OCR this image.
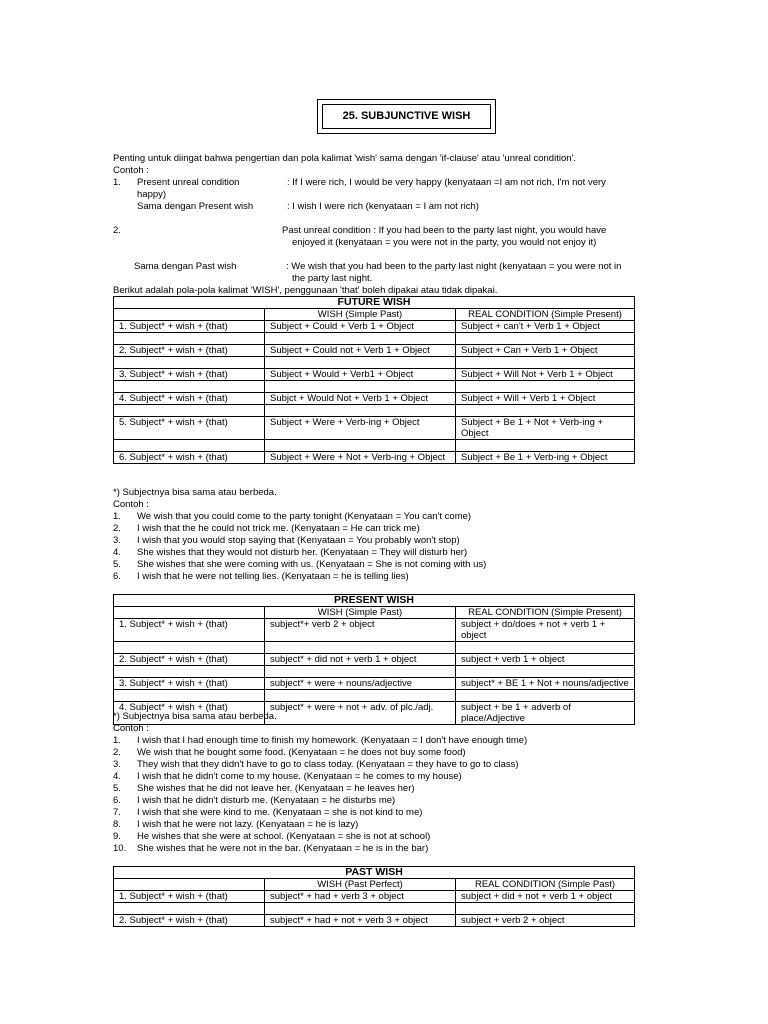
25. SUBJUNCTIVE WISH
Penting untuk diingat bahwa pengertian dan pola kalimat 'wish' sama dengan 'if-clause' atau 'unreal condition'.
Contoh :
1. Present unreal condition	: If I were rich, I would be very happy (kenyataan =I am not rich, I'm not very
happy)
Sama dengan Present wish	: I wish I were rich (kenyataan = I am not rich)
2.	Past unreal condition : If you had been to the party last night, you would have
enjoyed it (kenyataan = you were not in the party, you would not enjoy it)
Sama dengan Past wish	: We wish that you had been to the party last night (kenyataan = you were not in
the party last night.
Berikut adalah pola-pola kalimat 'WISH', penggunaan 'that' boleh dipakai atau tidak dipakai.
FUTURE WISH		
	WISH (Simple Past)	REAL CONDITION (Simple Present)
1. Subject* + wish + (that)	Subject + Could + Verb 1 + Object	Subject + can't + Verb 1 + Object

2. Subject* + wish + (that)	Subject + Could not + Verb 1 + Object	Subject + Can + Verb 1 + Object

3. Subject* + wish + (that)	Subject + Would + Verb1 + Object	Subject + Will Not + Verb 1 + Object

4. Subject* + wish + (that)	Subjct + Would Not + Verb 1 + Object	Subject + Will + Verb 1 + Object

5. Subject* + wish + (that)	Subject + Were + Verb-ing + Object	Subject + Be 1 + Not + Verb-ing + Object

6. Subject* + wish + (that)	Subject + Were + Not + Verb-ing + Object	Subject + Be 1 + Verb-ing + Object
*) Subjectnya bisa sama atau berbeda.
Contoh :
1. We wish that you could come to the party tonight (Kenyataan = You can't come)
2. I wish that the he could not trick me. (Kenyataan = He can trick me)
3. I wish that you would stop saying that (Kenyataan = You probably won't stop)
4. She wishes that they would not disturb her. (Kenyataan = They will disturb her)
5. She wishes that she were coming with us. (Kenyataan = She is not coming with us)
6. I wish that he were not telling lies. (Kenyataan = he is telling lies)
PRESENT WISH		
	WISH (Simple Past)	REAL CONDITION (Simple Present)
1. Subject* + wish + (that)	subject*+ verb 2 + object	subject + do/does + not + verb 1 + object

2. Subject* + wish + (that)	subject* + did not + verb 1 + object	subject + verb 1 + object

3. Subject* + wish + (that)	subject* + were + nouns/adjective	subject* + BE 1 + Not + nouns/adjective

4. Subject* + wish + (that)	subject* + were + not + adv. of plc./adj.	subject + be 1 + adverb of place/Adjective
*) Subjectnya bisa sama atau berbeda.
Contoh :
1. I wish that I had enough time to finish my homework. (Kenyataan = I don't have enough time)
2. We wish that he bought some food. (Kenyataan = he does not buy some food)
3. They wish that they didn't have to go to class today. (Kenyataan = they have to go to class)
4. I wish that he didn't come to my house. (Kenyataan = he comes to my house)
5. She wishes that he did not leave her. (Kenyataan = he leaves her)
6. I wish that he didn't disturb me. (Kenyataan = he disturbs me)
7. I wish that she were kind to me. (Kenyataan = she is not kind to me)
8. I wish that he were not lazy. (Kenyataan = he is lazy)
9. He wishes that she were at school. (Kenyataan = she is not at school)
10. She wishes that he were not in the bar. (Kenyataan = he is in the bar)
PAST WISH		
	WISH (Past Perfect)	REAL CONDITION (Simple Past)
1. Subject* + wish + (that)	subject* + had + verb 3 + object	subject + did + not + verb 1 + object

2. Subject* + wish + (that)	subject* + had + not + verb 3 + object	subject + verb 2 + object
